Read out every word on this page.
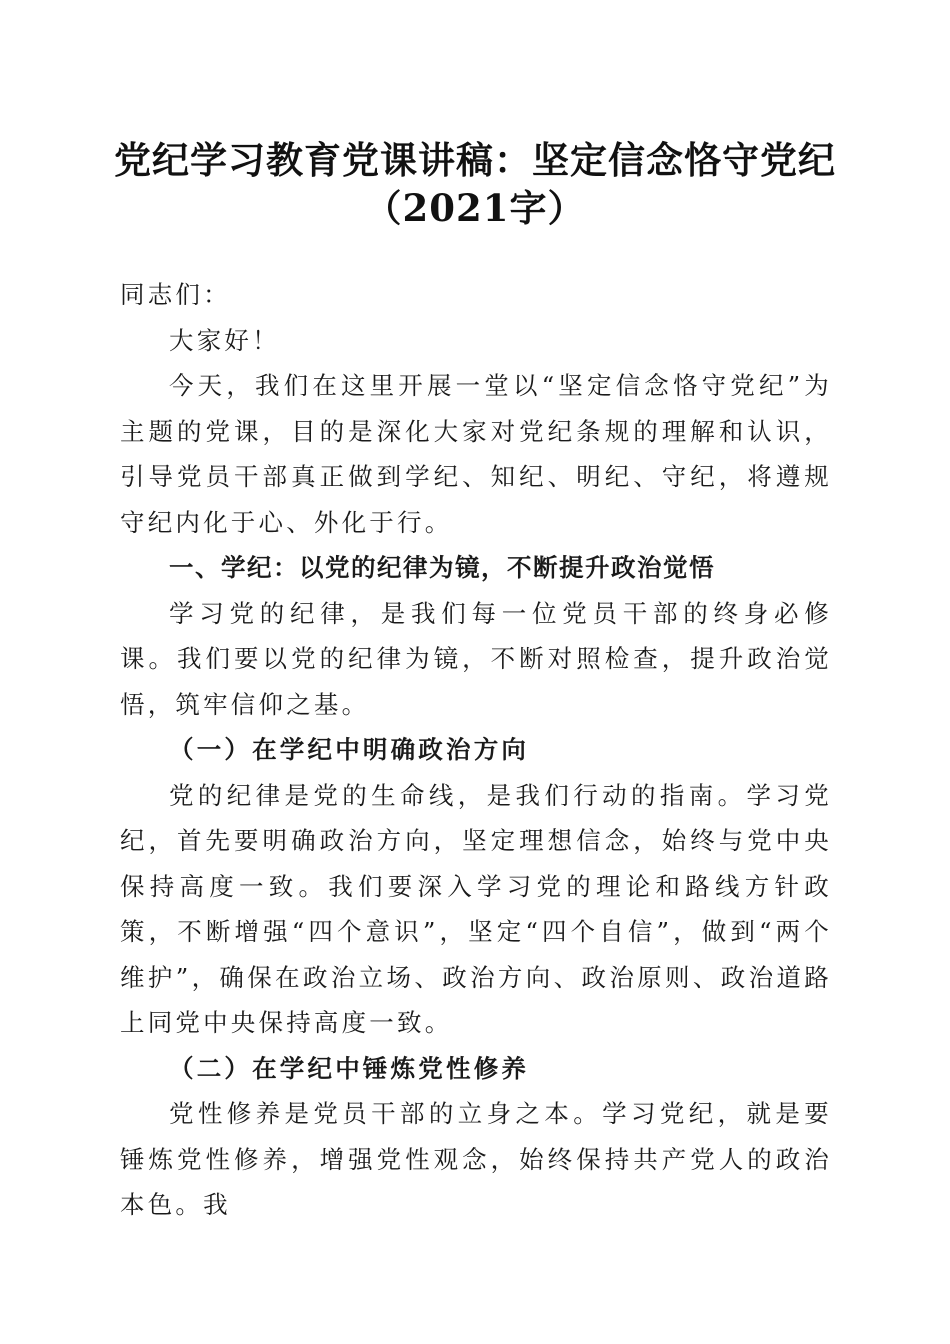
党纪学习教育党课讲稿：坚定信念恪守党纪
（2021字）

同志们：

大家好！

今天，我们在这里开展一堂以“坚定信念恪守党纪”为主题的党课，目的是深化大家对党纪条规的理解和认识，引导党员干部真正做到学纪、知纪、明纪、守纪，将遵规守纪内化于心、外化于行。

一、学纪：以党的纪律为镜，不断提升政治觉悟

学习党的纪律，是我们每一位党员干部的终身必修课。我们要以党的纪律为镜，不断对照检查，提升政治觉悟，筑牢信仰之基。

（一）在学纪中明确政治方向

党的纪律是党的生命线，是我们行动的指南。学习党纪，首先要明确政治方向，坚定理想信念，始终与党中央保持高度一致。我们要深入学习党的理论和路线方针政策，不断增强“四个意识”，坚定“四个自信”，做到“两个维护”，确保在政治立场、政治方向、政治原则、政治道路上同党中央保持高度一致。

（二）在学纪中锤炼党性修养

党性修养是党员干部的立身之本。学习党纪，就是要锤炼党性修养，增强党性观念，始终保持共产党人的政治本色。我
